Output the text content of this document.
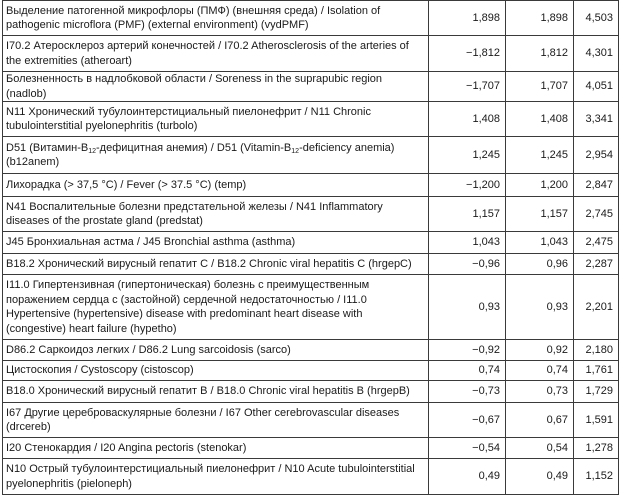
Выделение патогенной микрофлоры (ПМФ) (внешняя среда) / Isolation of pathogenic microflora (PMF) (external environment) (vydPMF)	1,898	1,898	4,503
I70.2 Атеросклероз артерий конечностей / I70.2 Atherosclerosis of the arteries of the extremities (atheroart)	−1,812	1,812	4,301
Болезненность в надлобковой области / Soreness in the suprapubic region (nadlob)	−1,707	1,707	4,051
N11 Хронический тубулоинтерстициальный пиелонефрит / N11 Chronic tubulointerstitial pyelonephritis (turbolo)	1,408	1,408	3,341
D51 ($Витамин-В_{12}$-дефицитная анемия) / D51 ($Vitamin-B_{12}$-deficiency anemia) (b12anem)	1,245	1,245	2,954
Лихорадка (> 37,5 °C) / Fever (> 37.5 °C) (temp)	−1,200	1,200	2,847
N41 Воспалительные болезни предстательной железы / N41 Inflammatory diseases of the prostate gland (predstat)	1,157	1,157	2,745
J45 Бронхиальная астма / J45 Bronchial asthma (asthma)	1,043	1,043	2,475
B18.2 Хронический вирусный гепатит С / B18.2 Chronic viral hepatitis C (hrgepC)	−0,96	0,96	2,287
I11.0 Гипертензивная (гипертоническая) болезнь с преимущественным поражением сердца с (застойной) сердечной недостаточностью / I11.0 Hypertensive (hypertensive) disease with predominant heart disease with (congestive) heart failure (hypetho)	0,93	0,93	2,201
D86.2 Саркоидоз легких / D86.2 Lung sarcoidosis (sarco)	−0,92	0,92	2,180
Цистоскопия / Cystoscopy (cistoscop)	0,74	0,74	1,761
B18.0 Хронический вирусный гепатит В / B18.0 Chronic viral hepatitis B (hrgepB)	−0,73	0,73	1,729
I67 Другие цереброваскулярные болезни / I67 Other cerebrovascular diseases (drcereb)	−0,67	0,67	1,591
I20 Стенокардия / I20 Angina pectoris (stenokar)	−0,54	0,54	1,278
N10 Острый тубулоинтерстициальный пиелонефрит / N10 Acute tubulointerstitial pyelonephritis (pieloneph)	0,49	0,49	1,152
